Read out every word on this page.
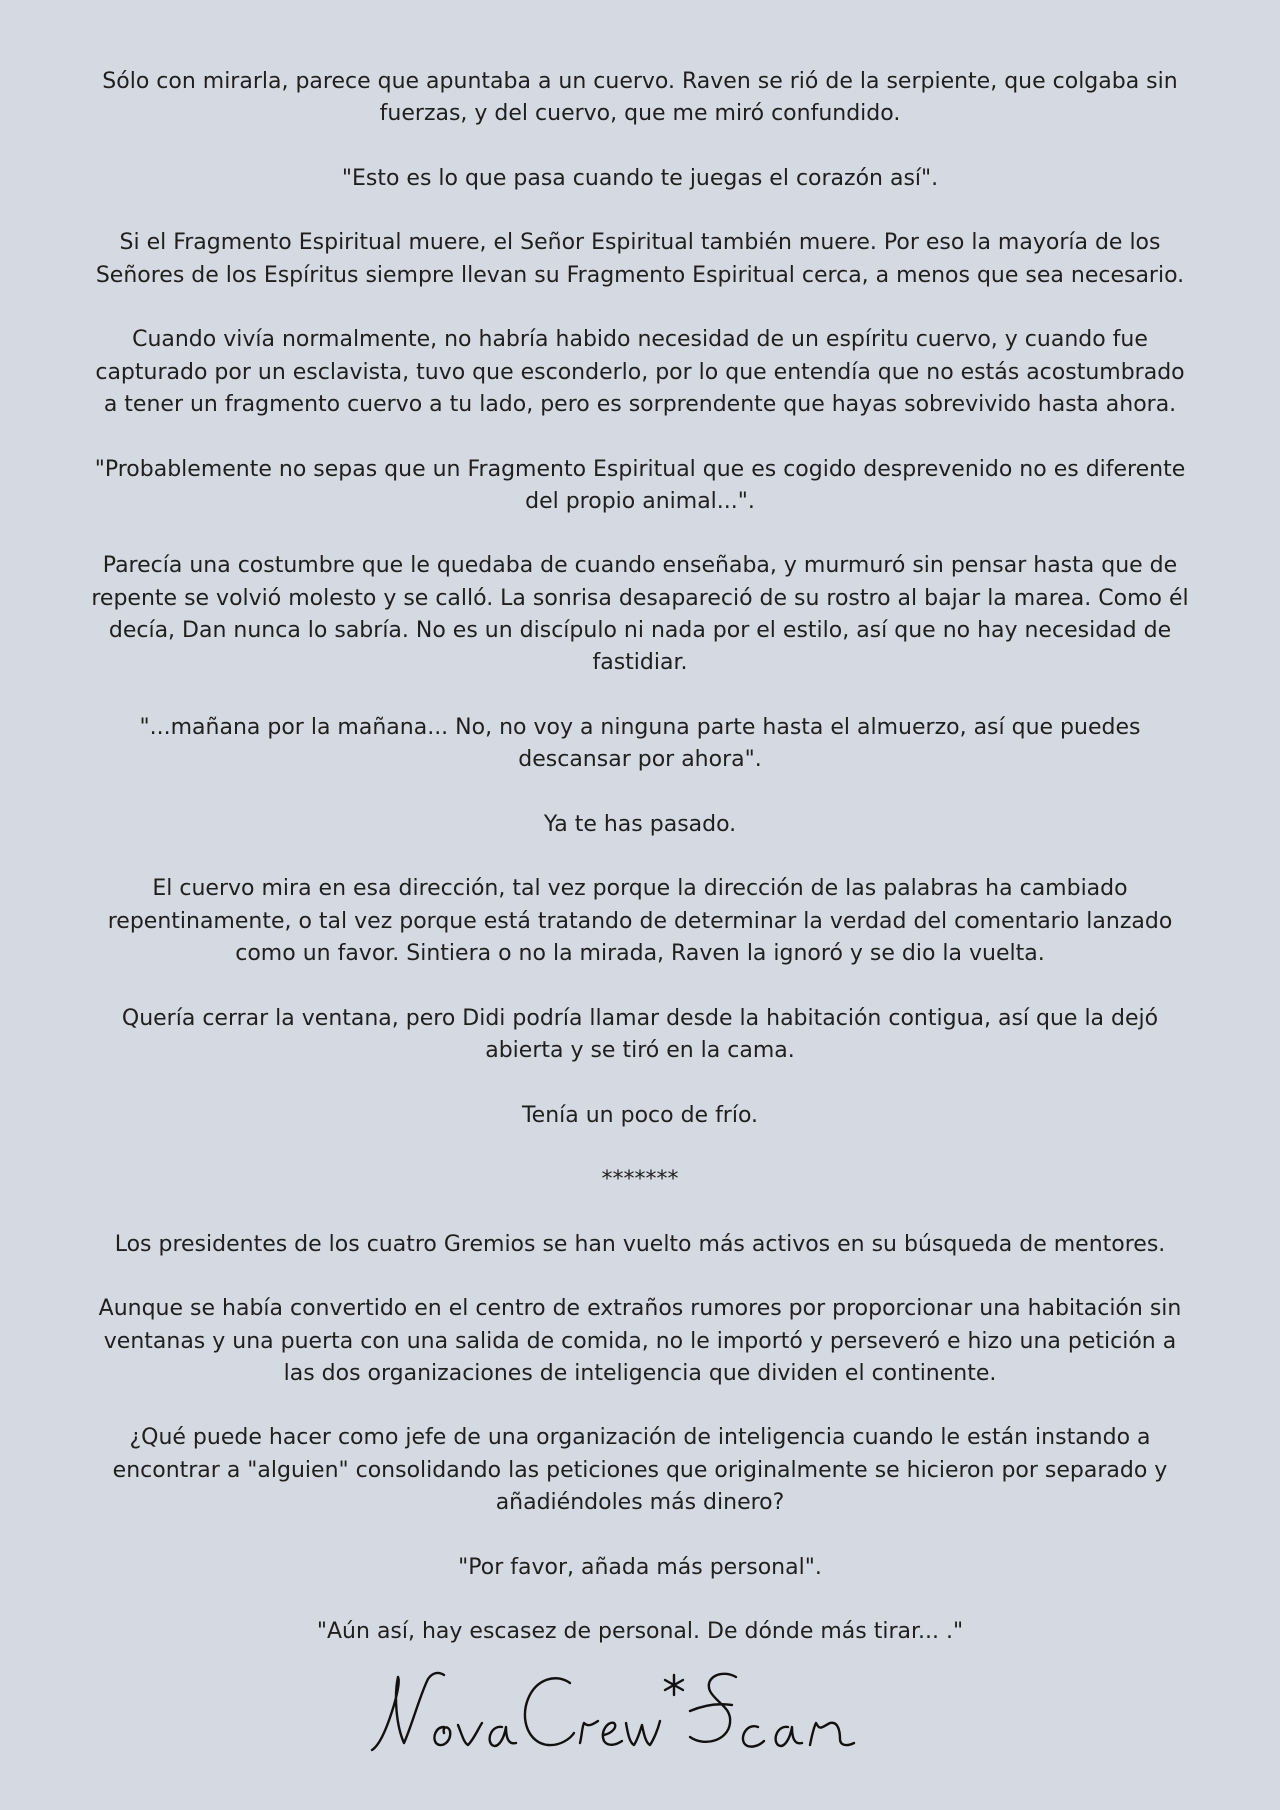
Sólo con mirarla, parece que apuntaba a un cuervo. Raven se rió de la serpiente, que colgaba sin fuerzas, y del cuervo, que me miró confundido.

"Esto es lo que pasa cuando te juegas el corazón así".

Si el Fragmento Espiritual muere, el Señor Espiritual también muere. Por eso la mayoría de los Señores de los Espíritus siempre llevan su Fragmento Espiritual cerca, a menos que sea necesario.

Cuando vivía normalmente, no habría habido necesidad de un espíritu cuervo, y cuando fue capturado por un esclavista, tuvo que esconderlo, por lo que entendía que no estás acostumbrado a tener un fragmento cuervo a tu lado, pero es sorprendente que hayas sobrevivido hasta ahora.

"Probablemente no sepas que un Fragmento Espiritual que es cogido desprevenido no es diferente del propio animal...".

Parecía una costumbre que le quedaba de cuando enseñaba, y murmuró sin pensar hasta que de repente se volvió molesto y se calló. La sonrisa desapareció de su rostro al bajar la marea. Como él decía, Dan nunca lo sabría. No es un discípulo ni nada por el estilo, así que no hay necesidad de fastidiar.

"...mañana por la mañana... No, no voy a ninguna parte hasta el almuerzo, así que puedes descansar por ahora".

Ya te has pasado.

El cuervo mira en esa dirección, tal vez porque la dirección de las palabras ha cambiado repentinamente, o tal vez porque está tratando de determinar la verdad del comentario lanzado como un favor. Sintiera o no la mirada, Raven la ignoró y se dio la vuelta.

Quería cerrar la ventana, pero Didi podría llamar desde la habitación contigua, así que la dejó abierta y se tiró en la cama.

Tenía un poco de frío.

*******

Los presidentes de los cuatro Gremios se han vuelto más activos en su búsqueda de mentores.

Aunque se había convertido en el centro de extraños rumores por proporcionar una habitación sin ventanas y una puerta con una salida de comida, no le importó y perseveró e hizo una petición a las dos organizaciones de inteligencia que dividen el continente.

¿Qué puede hacer como jefe de una organización de inteligencia cuando le están instando a encontrar a "alguien" consolidando las peticiones que originalmente se hicieron por separado y añadiéndoles más dinero?

"Por favor, añada más personal".

"Aún así, hay escasez de personal. De dónde más tirar... ."
